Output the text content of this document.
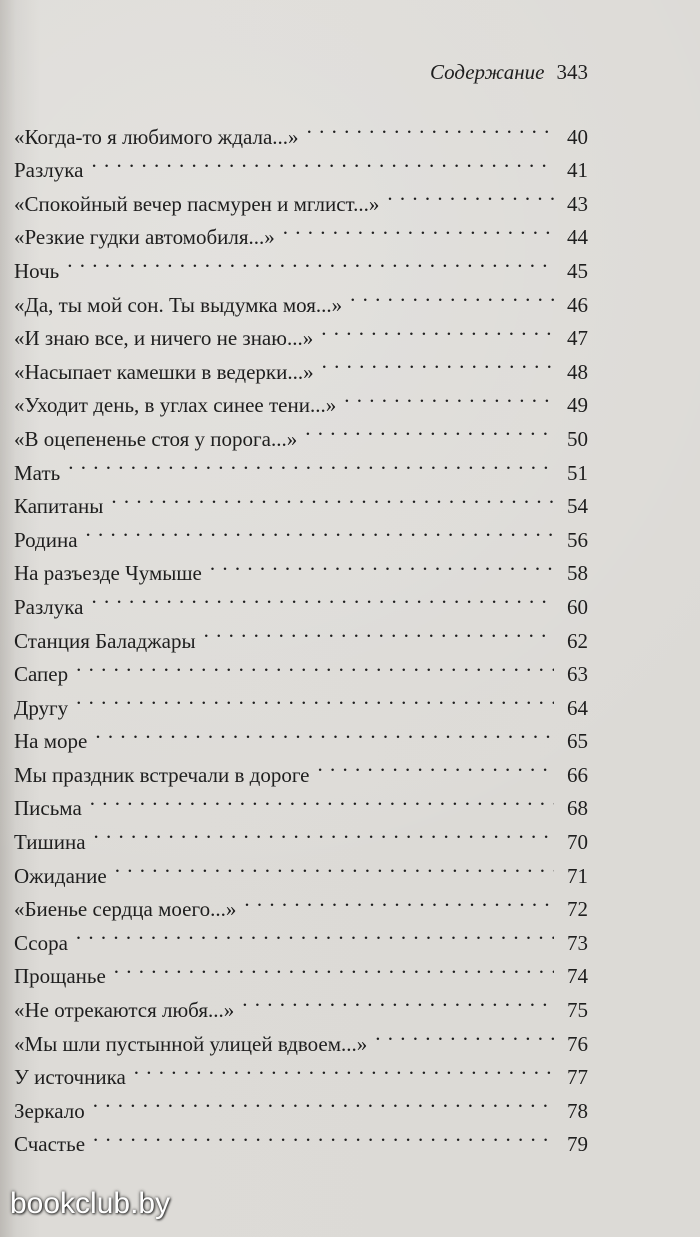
Содержание 343
«Когда-то я любимого ждала...» . . .	40
Разлука . . .	41
«Спокойный вечер пасмурен и мглист...» . . .	43
«Резкие гудки автомобиля...» . . .	44
Ночь . . .	45
«Да, ты мой сон. Ты выдумка моя...» . . .	46
«И знаю все, и ничего не знаю...» . . .	47
«Насыпает камешки в ведерки...» . . .	48
«Уходит день, в углах синее тени...» . . .	49
«В оцепененье стоя у порога...» . . .	50
Мать . . .	51
Капитаны . . .	54
Родина . . .	56
На разъезде Чумыше . . .	58
Разлука . . .	60
Станция Баладжары . . .	62
Сапер . . .	63
Другу . . .	64
На море . . .	65
Мы праздник встречали в дороге . . .	66
Письма . . .	68
Тишина . . .	70
Ожидание . . .	71
«Биенье сердца моего...» . . .	72
Ссора . . .	73
Прощанье . . .	74
«Не отрекаются любя...» . . .	75
«Мы шли пустынной улицей вдвоем...» . . .	76
У источника . . .	77
Зеркало . . .	78
Счастье . . .	79
bookclub.by
